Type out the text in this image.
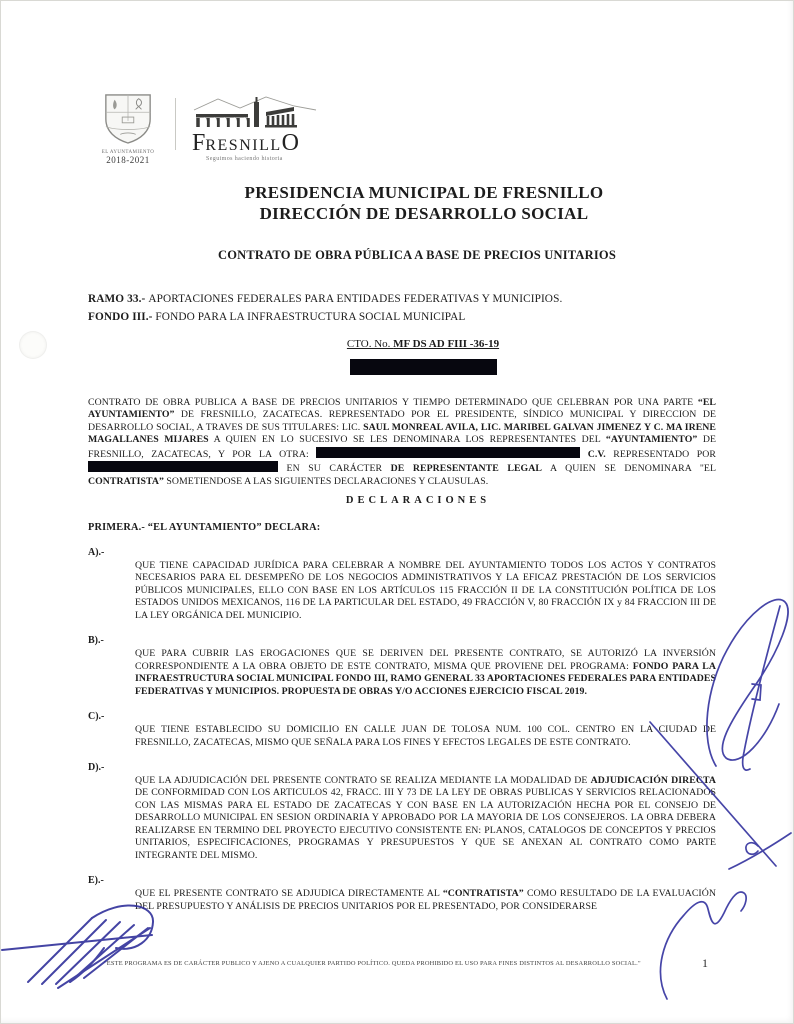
EL AYUNTAMIENTO
2018-2021
FRESNILLO
Seguimos haciendo historia
PRESIDENCIA MUNICIPAL DE FRESNILLO
DIRECCIÓN DE DESARROLLO SOCIAL
CONTRATO DE OBRA PÚBLICA A BASE DE PRECIOS UNITARIOS
RAMO 33.- APORTACIONES FEDERALES PARA ENTIDADES FEDERATIVAS Y MUNICIPIOS.
FONDO III.- FONDO PARA LA INFRAESTRUCTURA SOCIAL MUNICIPAL
CTO. No. MF DS AD FIII -36-19

CONTRATO DE OBRA PUBLICA A BASE DE PRECIOS UNITARIOS Y TIEMPO DETERMINADO QUE CELEBRAN POR UNA PARTE “EL AYUNTAMIENTO” DE FRESNILLO, ZACATECAS. REPRESENTADO POR EL PRESIDENTE, SÍNDICO MUNICIPAL Y DIRECCION DE DESARROLLO SOCIAL, A TRAVES DE SUS TITULARES: LIC. SAUL MONREAL AVILA, LIC. MARIBEL GALVAN JIMENEZ Y C. MA IRENE MAGALLANES MIJARES A QUIEN EN LO SUCESIVO SE LES DENOMINARA LOS REPRESENTANTES DEL “AYUNTAMIENTO” DE FRESNILLO, ZACATECAS, Y POR LA OTRA:	C.V. REPRESENTADO POR  EN SU CARÁCTER DE REPRESENTANTE LEGAL A QUIEN SE DENOMINARA "EL CONTRATISTA” SOMETIENDOSE A LAS SIGUIENTES DECLARACIONES Y CLAUSULAS.

DECLARACIONES
PRIMERA.- “EL AYUNTAMIENTO” DECLARA:
A).-

QUE TIENE CAPACIDAD JURÍDICA PARA CELEBRAR A NOMBRE DEL AYUNTAMIENTO TODOS LOS ACTOS Y CONTRATOS NECESARIOS PARA EL DESEMPEÑO DE LOS NEGOCIOS ADMINISTRATIVOS Y LA EFICAZ PRESTACIÓN DE LOS SERVICIOS PÚBLICOS MUNICIPALES, ELLO CON BASE EN LOS ARTÍCULOS 115 FRACCIÓN II DE LA CONSTITUCIÓN POLÍTICA DE LOS ESTADOS UNIDOS MEXICANOS, 116 DE LA PARTICULAR DEL ESTADO, 49 FRACCIÓN V, 80 FRACCIÓN IX y 84 FRACCION III DE LA LEY ORGÁNICA DEL MUNICIPIO.

B).-

QUE PARA CUBRIR LAS EROGACIONES QUE SE DERIVEN DEL PRESENTE CONTRATO, SE AUTORIZÓ LA INVERSIÓN CORRESPONDIENTE A LA OBRA OBJETO DE ESTE CONTRATO, MISMA QUE PROVIENE DEL PROGRAMA: FONDO PARA LA INFRAESTRUCTURA SOCIAL MUNICIPAL FONDO III, RAMO GENERAL 33 APORTACIONES FEDERALES PARA ENTIDADES FEDERATIVAS Y MUNICIPIOS. PROPUESTA DE OBRAS Y/O ACCIONES EJERCICIO FISCAL 2019.

C).-

QUE TIENE ESTABLECIDO SU DOMICILIO EN CALLE JUAN DE TOLOSA NUM. 100 COL. CENTRO EN LA CIUDAD DE FRESNILLO, ZACATECAS, MISMO QUE SEÑALA PARA LOS FINES Y EFECTOS LEGALES DE ESTE CONTRATO.

D).-

QUE LA ADJUDICACIÓN DEL PRESENTE CONTRATO SE REALIZA MEDIANTE LA MODALIDAD DE ADJUDICACIÓN DIRECTA DE CONFORMIDAD CON LOS ARTICULOS 42, FRACC. III Y 73 DE LA LEY DE OBRAS PUBLICAS Y SERVICIOS RELACIONADOS CON LAS MISMAS PARA EL ESTADO DE ZACATECAS Y CON BASE EN LA AUTORIZACIÓN HECHA POR EL CONSEJO DE DESARROLLO MUNICIPAL EN SESION ORDINARIA Y APROBADO POR LA MAYORIA DE LOS CONSEJEROS. LA OBRA DEBERA REALIZARSE EN TERMINO DEL PROYECTO EJECUTIVO CONSISTENTE EN: PLANOS, CATALOGOS DE CONCEPTOS Y PRECIOS UNITARIOS, ESPECIFICACIONES, PROGRAMAS Y PRESUPUESTOS Y QUE SE ANEXAN AL CONTRATO COMO PARTE INTEGRANTE DEL MISMO.

E).-

QUE EL PRESENTE CONTRATO SE ADJUDICA DIRECTAMENTE AL “CONTRATISTA” COMO RESULTADO DE LA EVALUACIÓN DEL PRESUPUESTO Y ANÁLISIS DE PRECIOS UNITARIOS POR EL PRESENTADO, POR CONSIDERARSE

"ESTE PROGRAMA ES DE CARÁCTER PUBLICO Y AJENO A CUALQUIER PARTIDO POLÍTICO. QUEDA PROHIBIDO EL USO PARA FINES DISTINTOS AL DESARROLLO SOCIAL."	1
